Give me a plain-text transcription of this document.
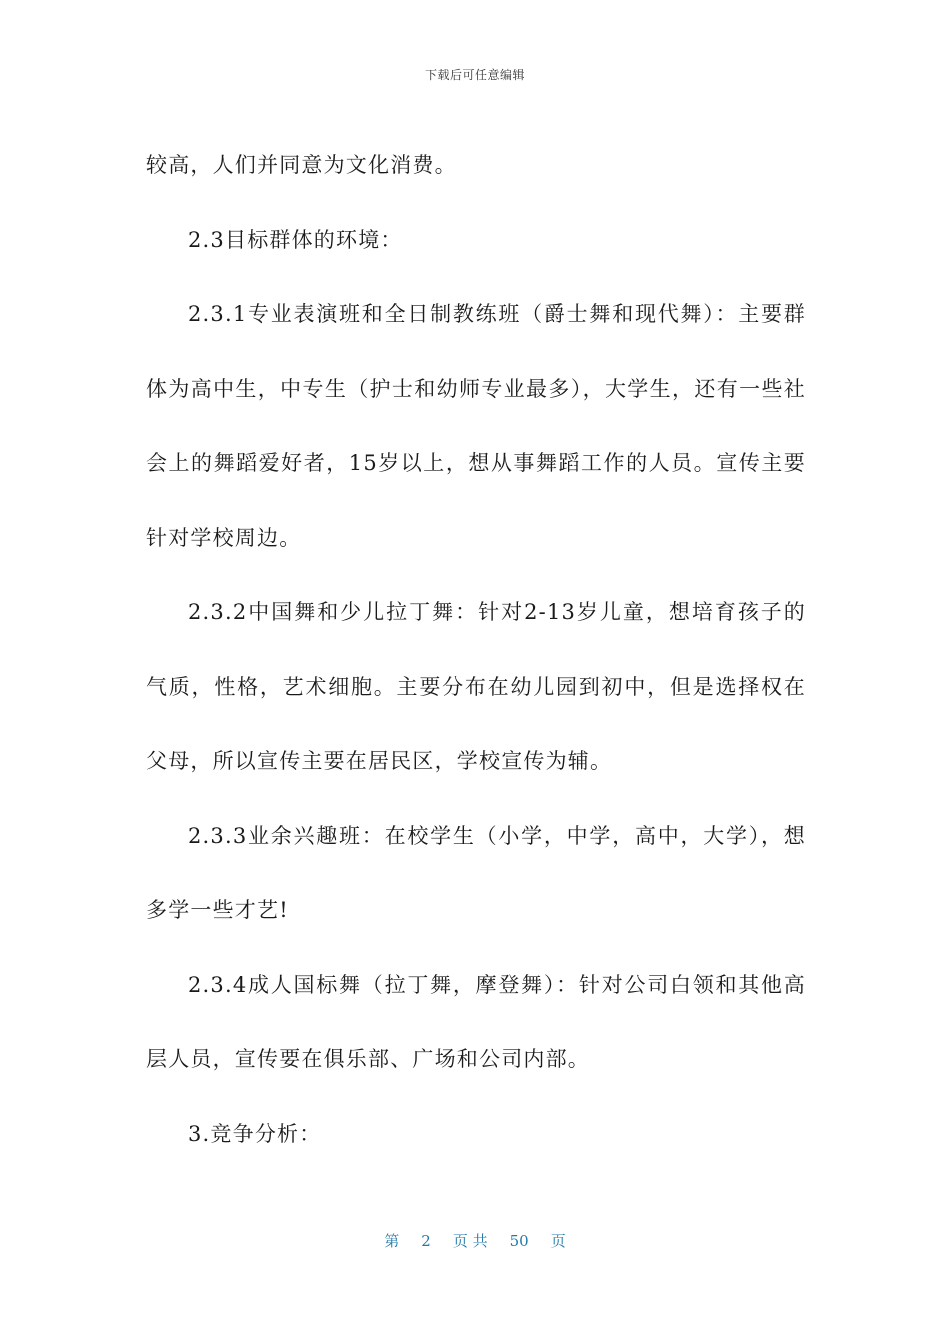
下载后可任意编辑

较高，人们并同意为文化消费。

2.3目标群体的环境：

2.3.1专业表演班和全日制教练班（爵士舞和现代舞）：主要群体为高中生，中专生（护士和幼师专业最多），大学生，还有一些社会上的舞蹈爱好者，15岁以上，想从事舞蹈工作的人员。宣传主要针对学校周边。

2.3.2中国舞和少儿拉丁舞：针对2-13岁儿童，想培育孩子的气质，性格，艺术细胞。主要分布在幼儿园到初中，但是选择权在父母，所以宣传主要在居民区，学校宣传为辅。

2.3.3业余兴趣班：在校学生（小学，中学，高中，大学），想多学一些才艺!

2.3.4成人国标舞（拉丁舞，摩登舞）：针对公司白领和其他高层人员，宣传要在俱乐部、广场和公司内部。

3.竞争分析：

第 2 页 共 50 页
